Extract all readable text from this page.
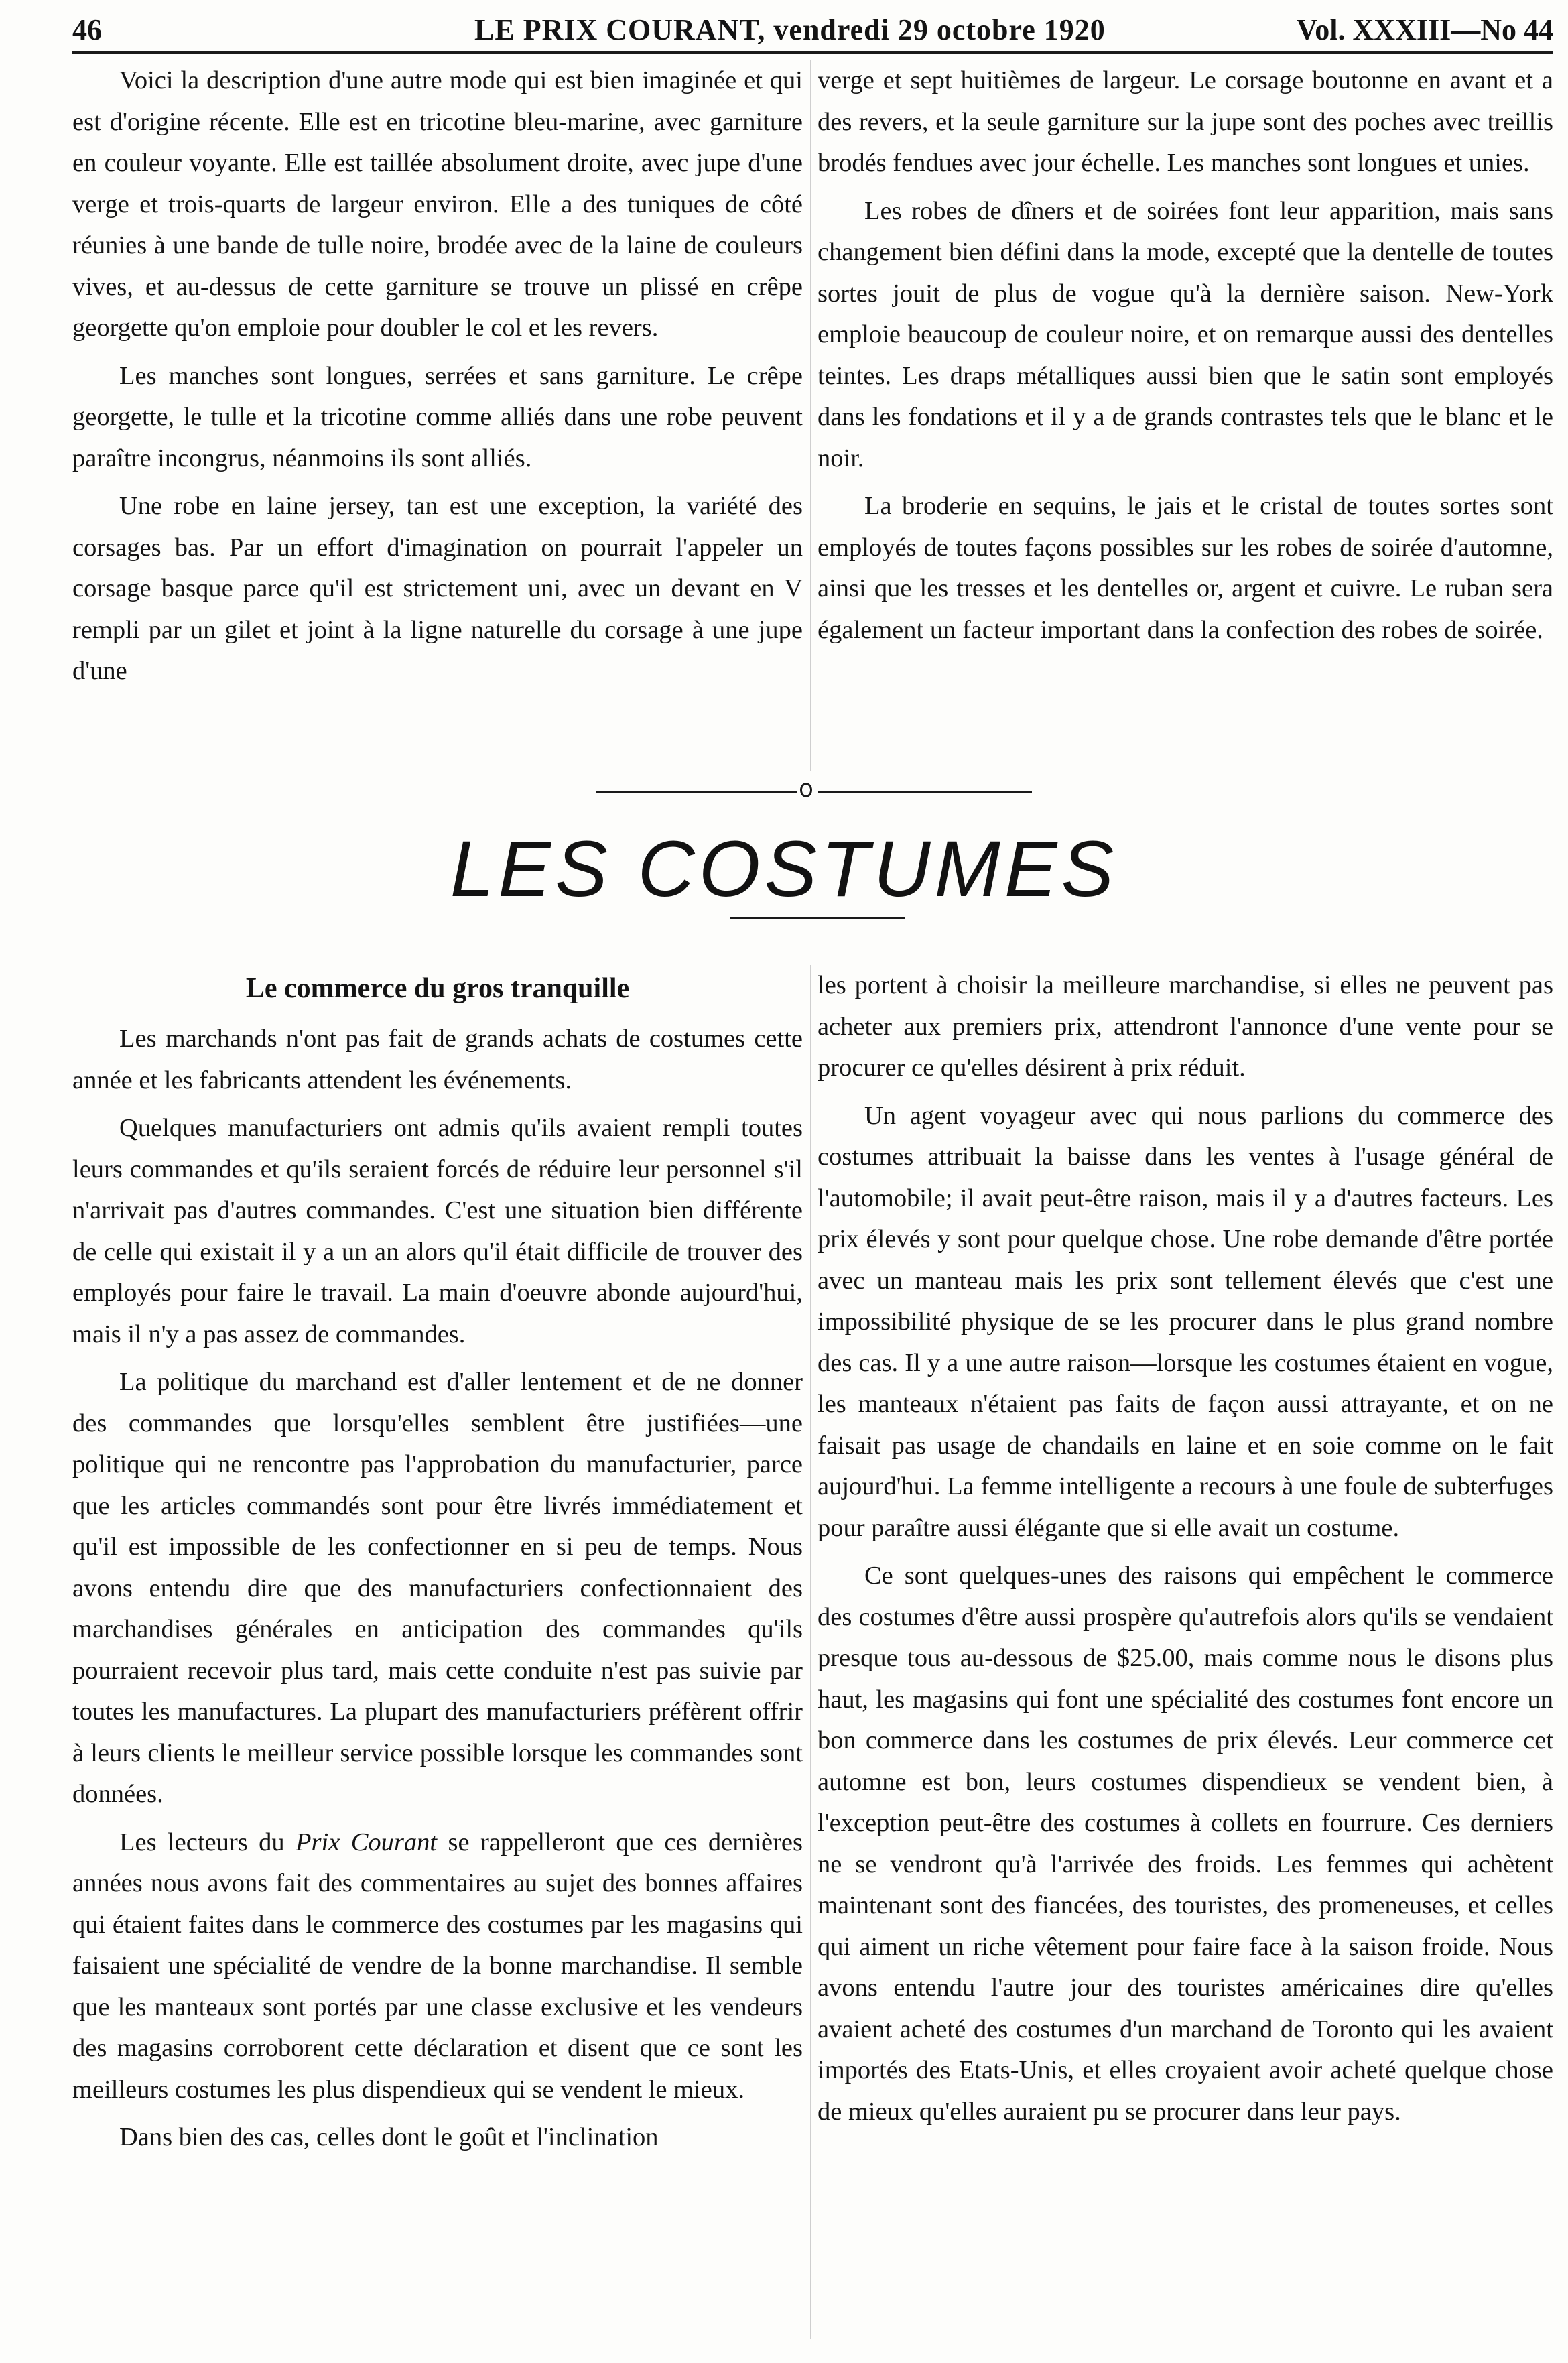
46	LE PRIX COURANT, vendredi 29 octobre 1920	Vol. XXXIII—No 44

Voici la description d'une autre mode qui est bien imaginée et qui est d'origine récente. Elle est en tricotine bleu-marine, avec garniture en couleur voyante. Elle est taillée absolument droite, avec jupe d'une verge et trois-quarts de largeur environ. Elle a des tuniques de côté réunies à une bande de tulle noire, brodée avec de la laine de couleurs vives, et au-dessus de cette garniture se trouve un plissé en crêpe georgette qu'on emploie pour doubler le col et les revers.

Les manches sont longues, serrées et sans garniture. Le crêpe georgette, le tulle et la tricotine comme alliés dans une robe peuvent paraître incongrus, néanmoins ils sont alliés.

Une robe en laine jersey, tan est une exception, la variété des corsages bas. Par un effort d'imagination on pourrait l'appeler un corsage basque parce qu'il est strictement uni, avec un devant en V rempli par un gilet et joint à la ligne naturelle du corsage à une jupe d'une

verge et sept huitièmes de largeur. Le corsage boutonne en avant et a des revers, et la seule garniture sur la jupe sont des poches avec treillis brodés fendues avec jour échelle. Les manches sont longues et unies.

Les robes de dîners et de soirées font leur apparition, mais sans changement bien défini dans la mode, excepté que la dentelle de toutes sortes jouit de plus de vogue qu'à la dernière saison. New-York emploie beaucoup de couleur noire, et on remarque aussi des dentelles teintes. Les draps métalliques aussi bien que le satin sont employés dans les fondations et il y a de grands contrastes tels que le blanc et le noir.

La broderie en sequins, le jais et le cristal de toutes sortes sont employés de toutes façons possibles sur les robes de soirée d'automne, ainsi que les tresses et les dentelles or, argent et cuivre. Le ruban sera également un facteur important dans la confection des robes de soirée.

LES COSTUMES

Le commerce du gros tranquille

Les marchands n'ont pas fait de grands achats de costumes cette année et les fabricants attendent les événements.

Quelques manufacturiers ont admis qu'ils avaient rempli toutes leurs commandes et qu'ils seraient forcés de réduire leur personnel s'il n'arrivait pas d'autres commandes. C'est une situation bien différente de celle qui existait il y a un an alors qu'il était difficile de trouver des employés pour faire le travail. La main d'oeuvre abonde aujourd'hui, mais il n'y a pas assez de commandes.

La politique du marchand est d'aller lentement et de ne donner des commandes que lorsqu'elles semblent être justifiées—une politique qui ne rencontre pas l'approbation du manufacturier, parce que les articles commandés sont pour être livrés immédiatement et qu'il est impossible de les confectionner en si peu de temps. Nous avons entendu dire que des manufacturiers confectionnaient des marchandises générales en anticipation des commandes qu'ils pourraient recevoir plus tard, mais cette conduite n'est pas suivie par toutes les manufactures. La plupart des manufacturiers préfèrent offrir à leurs clients le meilleur service possible lorsque les commandes sont données.

Les lecteurs du Prix Courant se rappelleront que ces dernières années nous avons fait des commentaires au sujet des bonnes affaires qui étaient faites dans le commerce des costumes par les magasins qui faisaient une spécialité de vendre de la bonne marchandise. Il semble que les manteaux sont portés par une classe exclusive et les vendeurs des magasins corroborent cette déclaration et disent que ce sont les meilleurs costumes les plus dispendieux qui se vendent le mieux.

Dans bien des cas, celles dont le goût et l'inclination

les portent à choisir la meilleure marchandise, si elles ne peuvent pas acheter aux premiers prix, attendront l'annonce d'une vente pour se procurer ce qu'elles désirent à prix réduit.

Un agent voyageur avec qui nous parlions du commerce des costumes attribuait la baisse dans les ventes à l'usage général de l'automobile; il avait peut-être raison, mais il y a d'autres facteurs. Les prix élevés y sont pour quelque chose. Une robe demande d'être portée avec un manteau mais les prix sont tellement élevés que c'est une impossibilité physique de se les procurer dans le plus grand nombre des cas. Il y a une autre raison—lorsque les costumes étaient en vogue, les manteaux n'étaient pas faits de façon aussi attrayante, et on ne faisait pas usage de chandails en laine et en soie comme on le fait aujourd'hui. La femme intelligente a recours à une foule de subterfuges pour paraître aussi élégante que si elle avait un costume.

Ce sont quelques-unes des raisons qui empêchent le commerce des costumes d'être aussi prospère qu'autrefois alors qu'ils se vendaient presque tous au-dessous de $25.00, mais comme nous le disons plus haut, les magasins qui font une spécialité des costumes font encore un bon commerce dans les costumes de prix élevés. Leur commerce cet automne est bon, leurs costumes dispendieux se vendent bien, à l'exception peut-être des costumes à collets en fourrure. Ces derniers ne se vendront qu'à l'arrivée des froids. Les femmes qui achètent maintenant sont des fiancées, des touristes, des promeneuses, et celles qui aiment un riche vêtement pour faire face à la saison froide. Nous avons entendu l'autre jour des touristes américaines dire qu'elles avaient acheté des costumes d'un marchand de Toronto qui les avaient importés des Etats-Unis, et elles croyaient avoir acheté quelque chose de mieux qu'elles auraient pu se procurer dans leur pays.
